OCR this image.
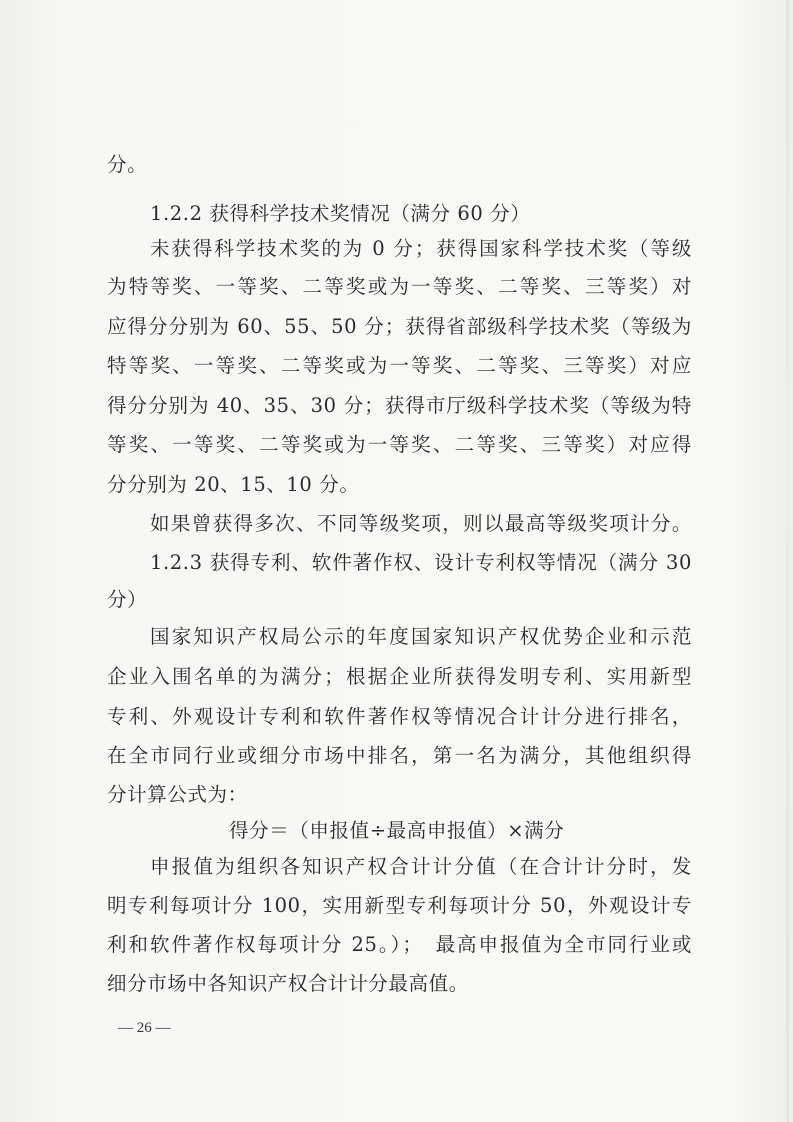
分。

1.2.2 获得科学技术奖情况（满分 60 分）

未获得科学技术奖的为 0 分；获得国家科学技术奖（等级

为特等奖、一等奖、二等奖或为一等奖、二等奖、三等奖）对

应得分分别为 60、55、50 分；获得省部级科学技术奖（等级为

特等奖、一等奖、二等奖或为一等奖、二等奖、三等奖）对应

得分分别为 40、35、30 分；获得市厅级科学技术奖（等级为特

等奖、一等奖、二等奖或为一等奖、二等奖、三等奖）对应得

分分别为 20、15、10 分。

如果曾获得多次、不同等级奖项，则以最高等级奖项计分。

1.2.3 获得专利、软件著作权、设计专利权等情况（满分 30

分）

国家知识产权局公示的年度国家知识产权优势企业和示范

企业入围名单的为满分；根据企业所获得发明专利、实用新型

专利、外观设计专利和软件著作权等情况合计计分进行排名，

在全市同行业或细分市场中排名，第一名为满分，其他组织得

分计算公式为：

得分＝（申报值÷最高申报值）×满分

申报值为组织各知识产权合计计分值（在合计计分时，发

明专利每项计分 100，实用新型专利每项计分 50，外观设计专

利和软件著作权每项计分 25。）；　最高申报值为全市同行业或

细分市场中各知识产权合计计分最高值。

— 26 —
